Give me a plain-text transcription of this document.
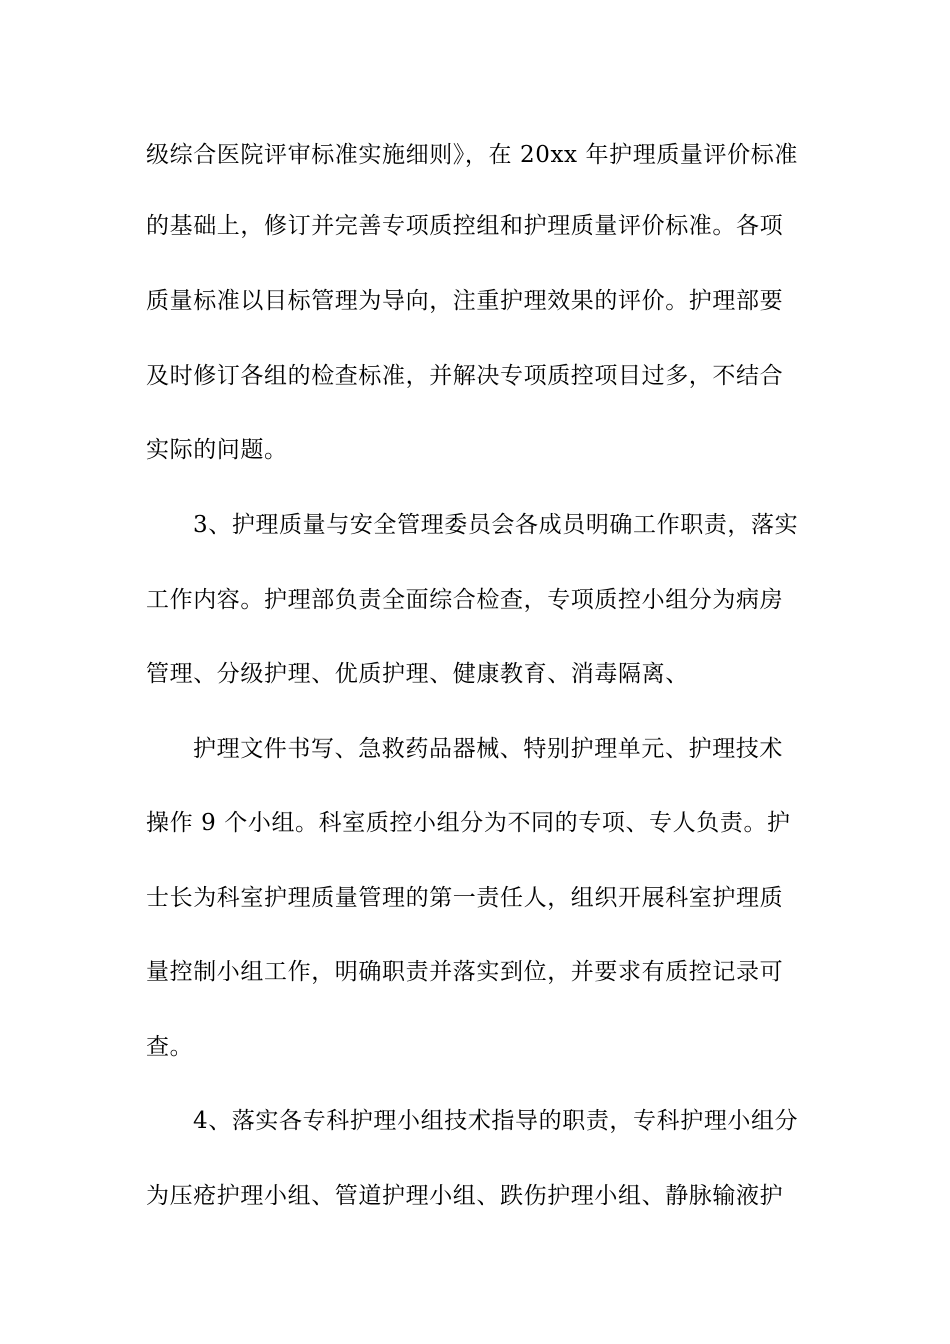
级综合医院评审标准实施细则》，在 20xx 年护理质量评价标准
的基础上，修订并完善专项质控组和护理质量评价标准。各项
质量标准以目标管理为导向，注重护理效果的评价。护理部要
及时修订各组的检查标准，并解决专项质控项目过多，不结合
实际的问题。
3、护理质量与安全管理委员会各成员明确工作职责，落实
工作内容。护理部负责全面综合检查，专项质控小组分为病房
管理、分级护理、优质护理、健康教育、消毒隔离、
护理文件书写、急救药品器械、特别护理单元、护理技术
操作 9 个小组。科室质控小组分为不同的专项、专人负责。护
士长为科室护理质量管理的第一责任人，组织开展科室护理质
量控制小组工作，明确职责并落实到位，并要求有质控记录可
查。
4、落实各专科护理小组技术指导的职责，专科护理小组分
为压疮护理小组、管道护理小组、跌伤护理小组、静脉输液护
